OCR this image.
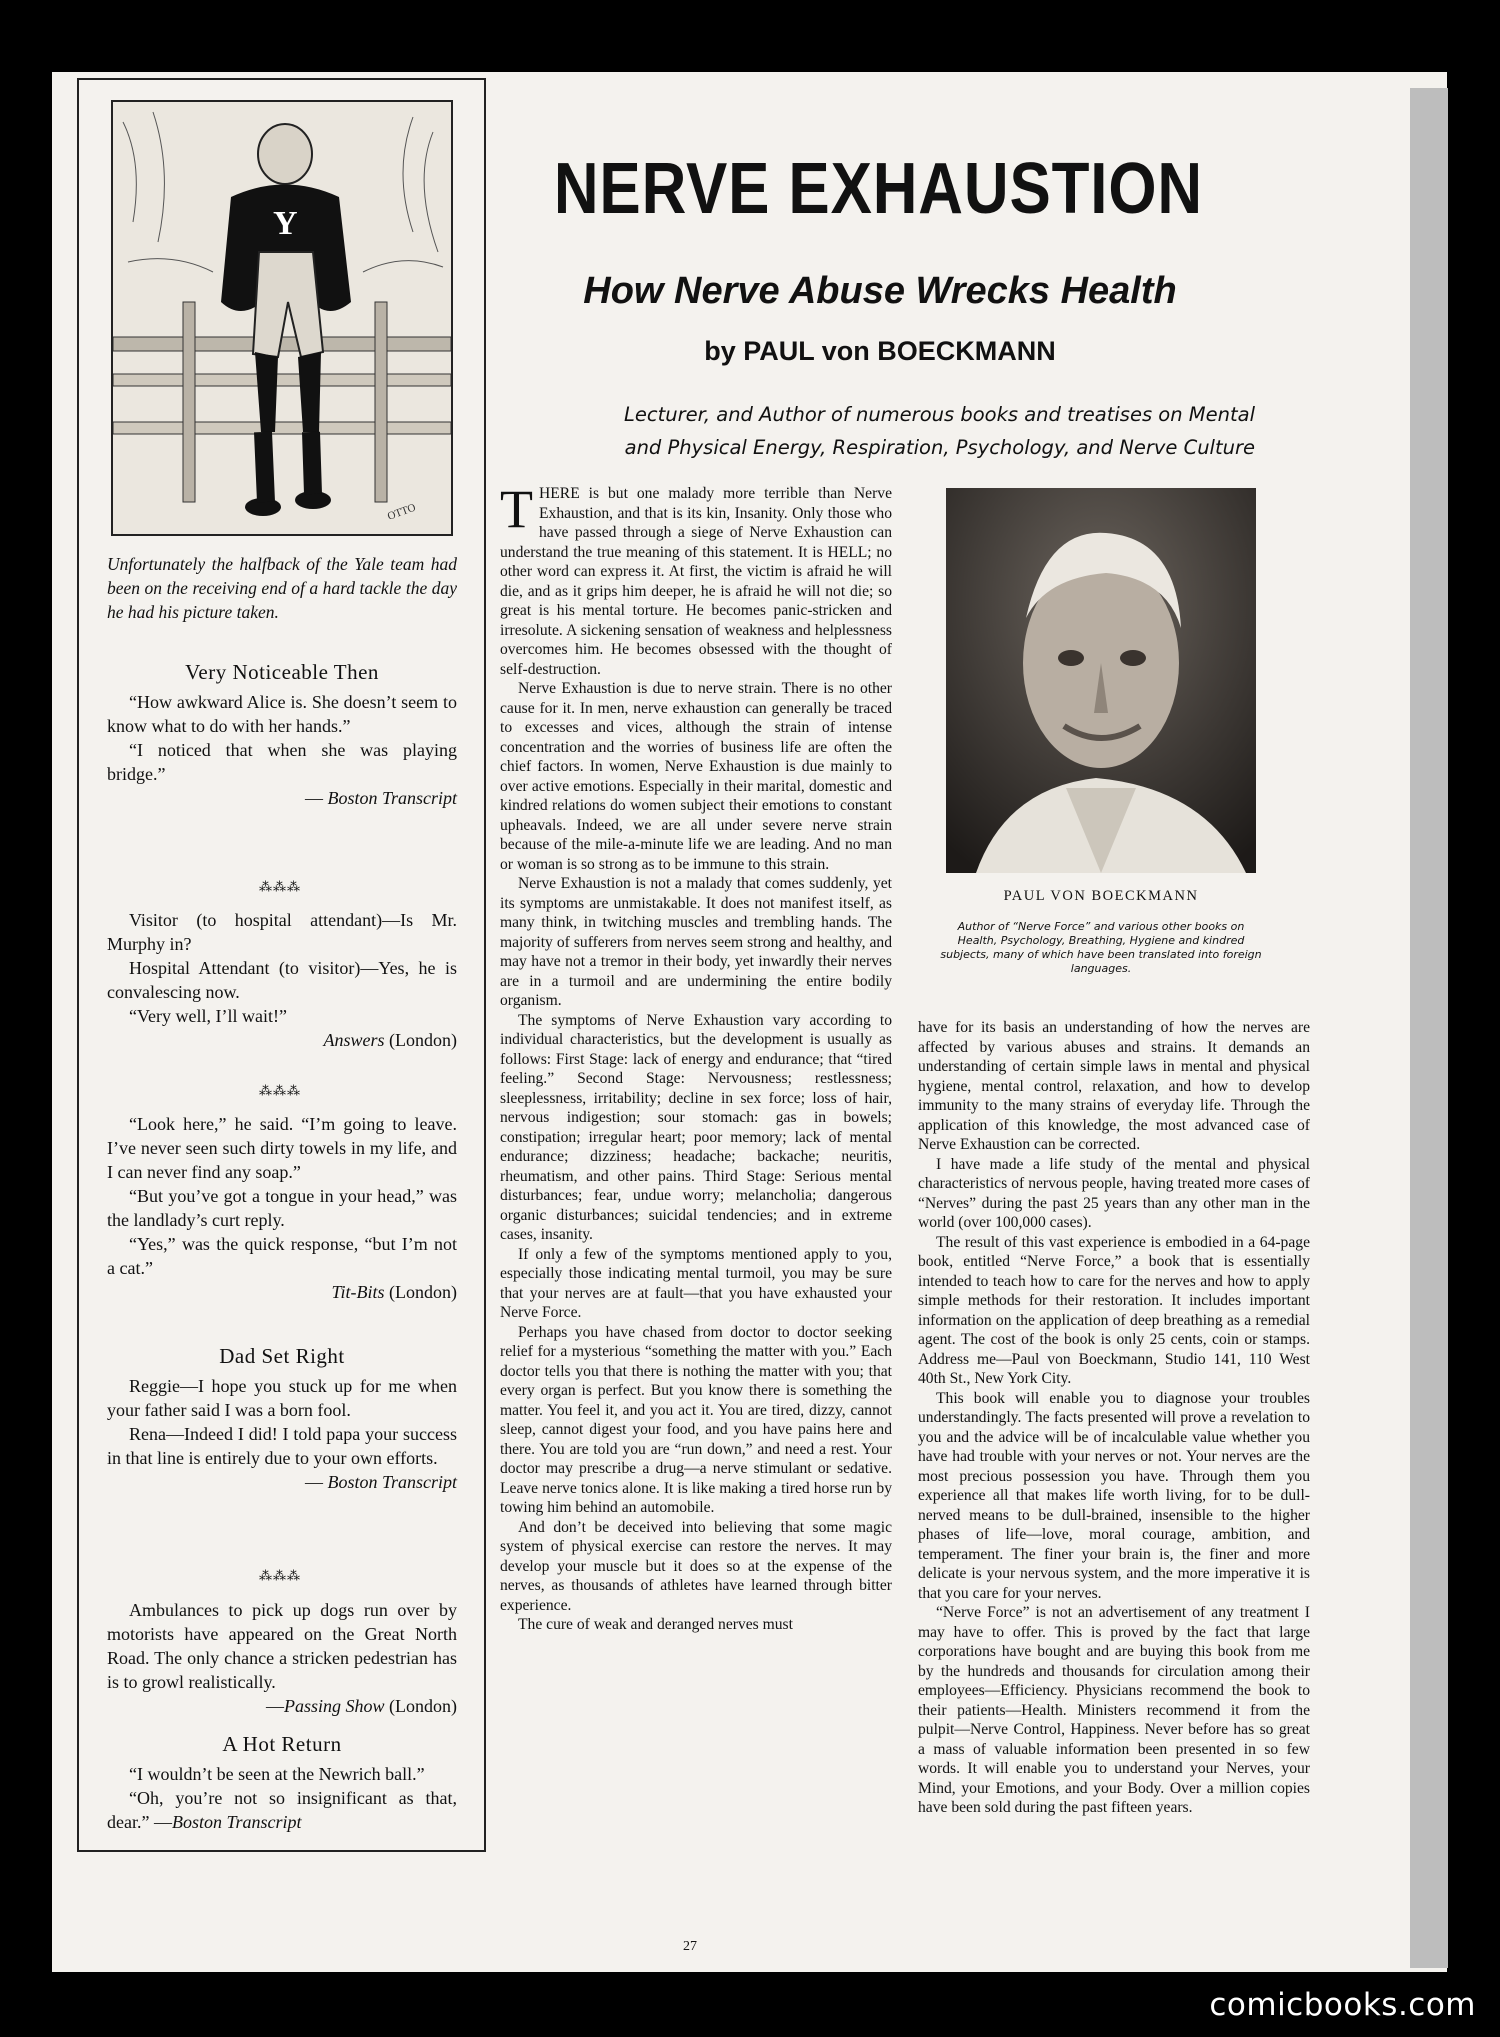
Y
OTTO
Unfortunately the halfback of the Yale team had been on the receiving end of a hard tackle the day he had his picture taken.
Very Noticeable Then

“How awkward Alice is. She doesn’t seem to know what to do with her hands.”

“I noticed that when she was playing bridge.”

— Boston Transcript

⁂⁂⁂

Visitor (to hospital attendant)—Is Mr. Murphy in?

Hospital Attendant (to visitor)—Yes, he is convalescing now.

“Very well, I’ll wait!”

Answers (London)

⁂⁂⁂

“Look here,” he said. “I’m going to leave. I’ve never seen such dirty towels in my life, and I can never find any soap.”

“But you’ve got a tongue in your head,” was the landlady’s curt reply.

“Yes,” was the quick response, “but I’m not a cat.”

Tit-Bits (London)

Dad Set Right

Reggie—I hope you stuck up for me when your father said I was a born fool.

Rena—Indeed I did! I told papa your success in that line is entirely due to your own efforts.

— Boston Transcript

⁂⁂⁂

Ambulances to pick up dogs run over by motorists have appeared on the Great North Road. The only chance a stricken pedestrian has is to growl realistically.

—Passing Show (London)

A Hot Return

“I wouldn’t be seen at the Newrich ball.”

“Oh, you’re not so insignificant as that, dear.” —Boston Transcript

NERVE EXHAUSTION
How Nerve Abuse Wrecks Health
by PAUL von BOECKMANN
Lecturer, and Author of numerous books and treatises on Mental
and Physical Energy, Respiration, Psychology, and Nerve Culture

THERE is but one malady more terrible than Nerve Exhaustion, and that is its kin, Insanity. Only those who have passed through a siege of Nerve Exhaustion can understand the true meaning of this statement. It is HELL; no other word can express it. At first, the victim is afraid he will die, and as it grips him deeper, he is afraid he will not die; so great is his mental torture. He becomes panic-stricken and irresolute. A sickening sensation of weakness and helplessness overcomes him. He becomes obsessed with the thought of self-destruction.

Nerve Exhaustion is due to nerve strain. There is no other cause for it. In men, nerve exhaustion can generally be traced to excesses and vices, although the strain of intense concentration and the worries of business life are often the chief factors. In women, Nerve Exhaustion is due mainly to over active emotions. Especially in their marital, domestic and kindred relations do women subject their emotions to constant upheavals. Indeed, we are all under severe nerve strain because of the mile-a-minute life we are leading. And no man or woman is so strong as to be immune to this strain.

Nerve Exhaustion is not a malady that comes suddenly, yet its symptoms are unmistakable. It does not manifest itself, as many think, in twitching muscles and trembling hands. The majority of sufferers from nerves seem strong and healthy, and may have not a tremor in their body, yet inwardly their nerves are in a turmoil and are undermining the entire bodily organism.

The symptoms of Nerve Exhaustion vary according to individual characteristics, but the development is usually as follows: First Stage: lack of energy and endurance; that “tired feeling.” Second Stage: Nervousness; restlessness; sleeplessness, irritability; decline in sex force; loss of hair, nervous indigestion; sour stomach: gas in bowels; constipation; irregular heart; poor memory; lack of mental endurance; dizziness; headache; backache; neuritis, rheumatism, and other pains. Third Stage: Serious mental disturbances; fear, undue worry; melancholia; dangerous organic disturbances; suicidal tendencies; and in extreme cases, insanity.

If only a few of the symptoms mentioned apply to you, especially those indicating mental turmoil, you may be sure that your nerves are at fault—that you have exhausted your Nerve Force.

Perhaps you have chased from doctor to doctor seeking relief for a mysterious “something the matter with you.” Each doctor tells you that there is nothing the matter with you; that every organ is perfect. But you know there is something the matter. You feel it, and you act it. You are tired, dizzy, cannot sleep, cannot digest your food, and you have pains here and there. You are told you are “run down,” and need a rest. Your doctor may prescribe a drug—a nerve stimulant or sedative. Leave nerve tonics alone. It is like making a tired horse run by towing him behind an automobile.

And don’t be deceived into believing that some magic system of physical exercise can restore the nerves. It may develop your muscle but it does so at the expense of the nerves, as thousands of athletes have learned through bitter experience.

The cure of weak and deranged nerves must

PAUL VON BOECKMANN
Author of “Nerve Force” and various other books on Health, Psychology, Breathing, Hygiene and kindred subjects, many of which have been translated into foreign languages.

have for its basis an understanding of how the nerves are affected by various abuses and strains. It demands an understanding of certain simple laws in mental and physical hygiene, mental control, relaxation, and how to develop immunity to the many strains of everyday life. Through the application of this knowledge, the most advanced case of Nerve Exhaustion can be corrected.

I have made a life study of the mental and physical characteristics of nervous people, having treated more cases of “Nerves” during the past 25 years than any other man in the world (over 100,000 cases).

The result of this vast experience is embodied in a 64-page book, entitled “Nerve Force,” a book that is essentially intended to teach how to care for the nerves and how to apply simple methods for their restoration. It includes important information on the application of deep breathing as a remedial agent. The cost of the book is only 25 cents, coin or stamps. Address me—Paul von Boeckmann, Studio 141, 110 West 40th St., New York City.

This book will enable you to diagnose your troubles understandingly. The facts presented will prove a revelation to you and the advice will be of incalculable value whether you have had trouble with your nerves or not. Your nerves are the most precious possession you have. Through them you experience all that makes life worth living, for to be dull-nerved means to be dull-brained, insensible to the higher phases of life—love, moral courage, ambition, and temperament. The finer your brain is, the finer and more delicate is your nervous system, and the more imperative it is that you care for your nerves.

“Nerve Force” is not an advertisement of any treatment I may have to offer. This is proved by the fact that large corporations have bought and are buying this book from me by the hundreds and thousands for circulation among their employees—Efficiency. Physicians recommend the book to their patients—Health. Ministers recommend it from the pulpit—Nerve Control, Happiness. Never before has so great a mass of valuable information been presented in so few words. It will enable you to understand your Nerves, your Mind, your Emotions, and your Body. Over a million copies have been sold during the past fifteen years.

27
comicbooks.com
